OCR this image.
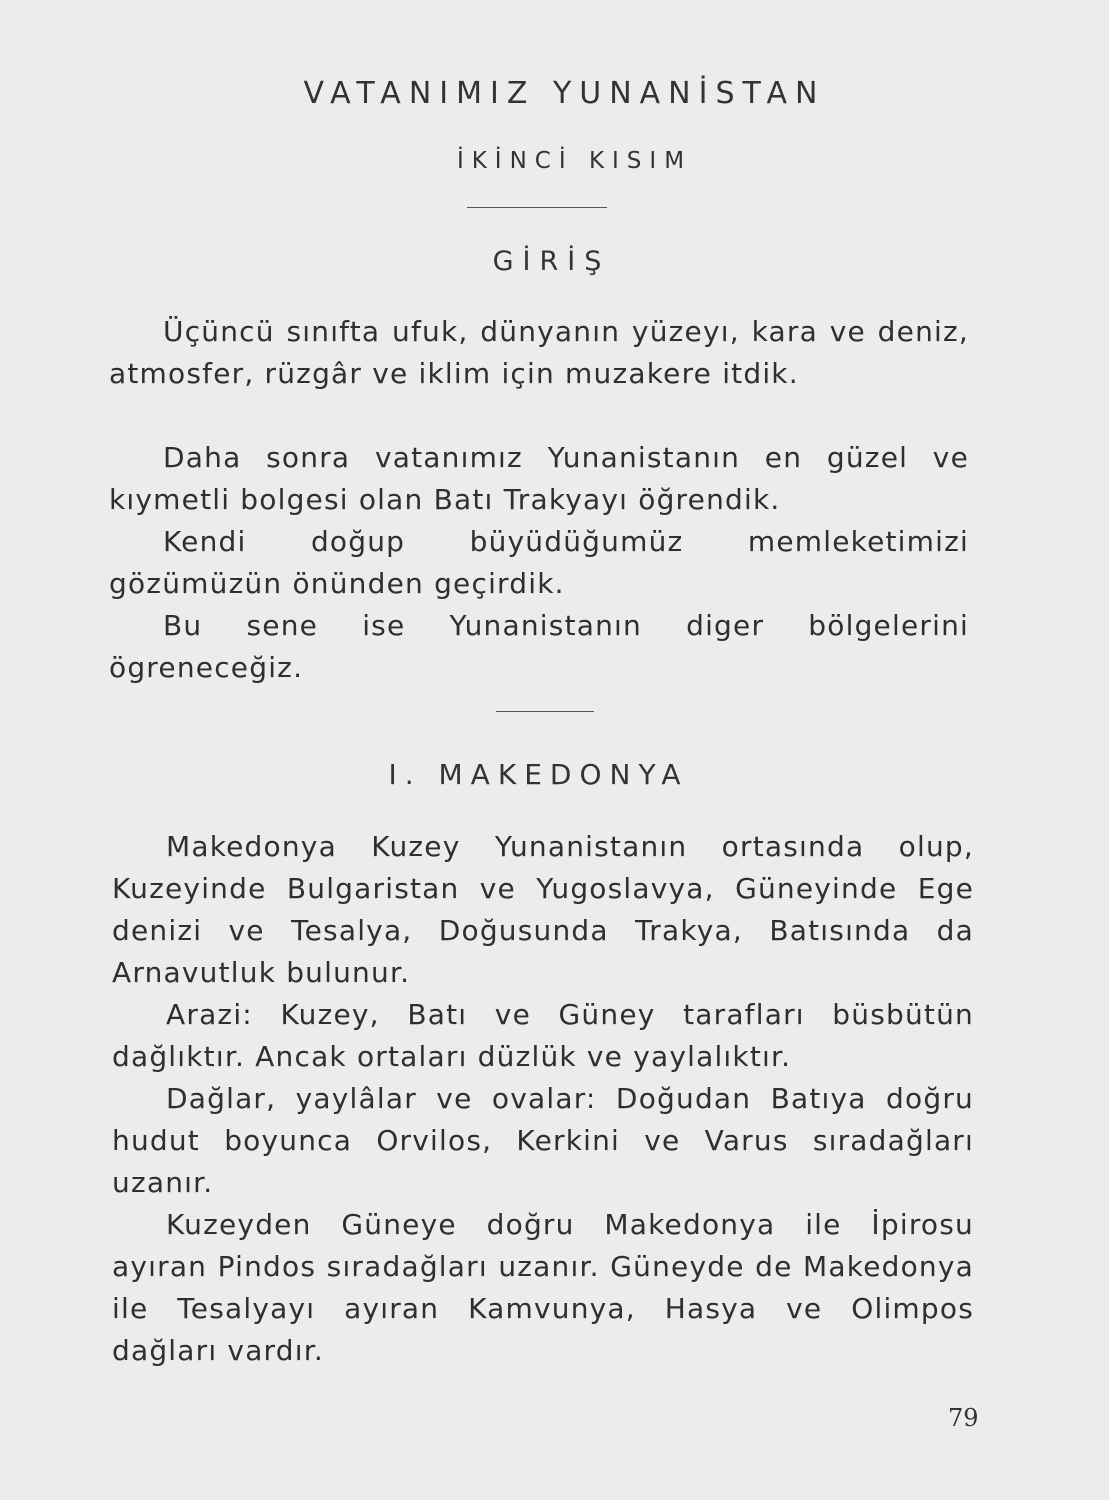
VATANIMIZ YUNANİSTAN
İKİNCİ KISIM
GİRİŞ

Üçüncü sınıfta ufuk, dünyanın yüzeyı, kara ve deniz, atmosfer, rüzgâr ve iklim için muzakere itdik.

Daha sonra vatanımız Yunanistanın en güzel ve kıymetli bolgesi olan Batı Trakyayı öğrendik.

Kendi doğup büyüdüğumüz memleketimizi gözümüzün önünden geçirdik.

Bu sene ise Yunanistanın diger bölgelerini ögreneceğiz.

I. MAKEDONYA

Makedonya Kuzey Yunanistanın ortasında olup, Kuzeyinde Bulgaristan ve Yugoslavya, Güneyinde Ege denizi ve Tesalya, Doğusunda Trakya, Batısında da Arnavutluk bulunur.

Arazi: Kuzey, Batı ve Güney tarafları büsbütün dağlıktır. Ancak ortaları düzlük ve yaylalıktır.

Dağlar, yaylâlar ve ovalar: Doğudan Batıya doğru hudut boyunca Orvilos, Kerkini ve Varus sıradağları uzanır.

Kuzeyden Güneye doğru Makedonya ile İpirosu ayıran Pindos sıradağları uzanır. Güneyde de Makedonya ile Tesalyayı ayıran Kamvunya, Hasya ve Olimpos dağları vardır.

79
